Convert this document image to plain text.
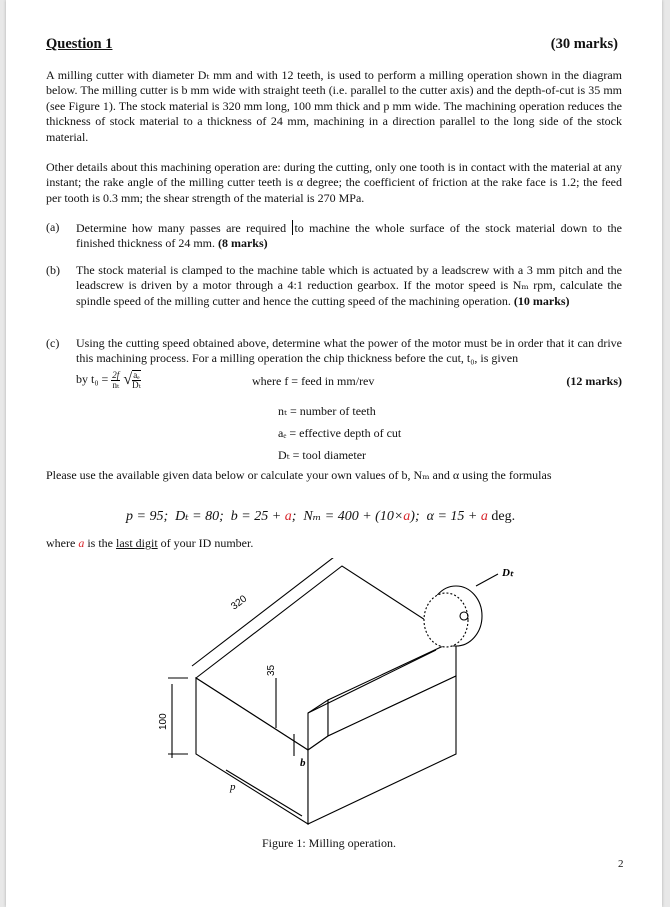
Question 1	(30 marks)
A milling cutter with diameter Dₜ mm and with 12 teeth, is used to perform a milling operation shown in the diagram below. The milling cutter is b mm wide with straight teeth (i.e. parallel to the cutter axis) and the depth-of-cut is 35 mm (see Figure 1). The stock material is 320 mm long, 100 mm thick and p mm wide. The machining operation reduces the thickness of stock material to a thickness of 24 mm, machining in a direction parallel to the long side of the stock material.
Other details about this machining operation are: during the cutting, only one tooth is in contact with the material at any instant; the rake angle of the milling cutter teeth is α degree; the coefficient of friction at the rake face is 1.2; the feed per tooth is 0.3 mm; the shear strength of the material is 270 MPa.
(a)	Determine how many passes are required to machine the whole surface of the stock material down to the finished thickness of 24 mm. (8 marks)
(b)	The stock material is clamped to the machine table which is actuated by a leadscrew with a 3 mm pitch and the leadscrew is driven by a motor through a 4:1 reduction gearbox. If the motor speed is Nₘ rpm, calculate the spindle speed of the milling cutter and hence the cutting speed of the machining operation. (10 marks)
(c)	Using the cutting speed obtained above, determine what the power of the motor must be in order that it can drive this machining process. For a milling operation the chip thickness before the cut, t₀, is given
by $t_0 = \frac{2f}{\text{nₜ}}$ √ $\frac{\text{aₑ}}{\text{Dₜ}}$	where f = feed in mm/rev	(12 marks)
nₜ = number of teeth
aₑ = effective depth of cut
Dₜ = tool diameter
Please use the available given data below or calculate your own values of b, Nₘ and α using the formulas
p = 95; Dₜ = 80; b = 25 + a;  Nₘ = 400 + (10×a); α = 15 + a deg.
where a is the last digit of your ID number.
320
35
100
p
b
Dₜ
Figure 1: Milling operation.
2
